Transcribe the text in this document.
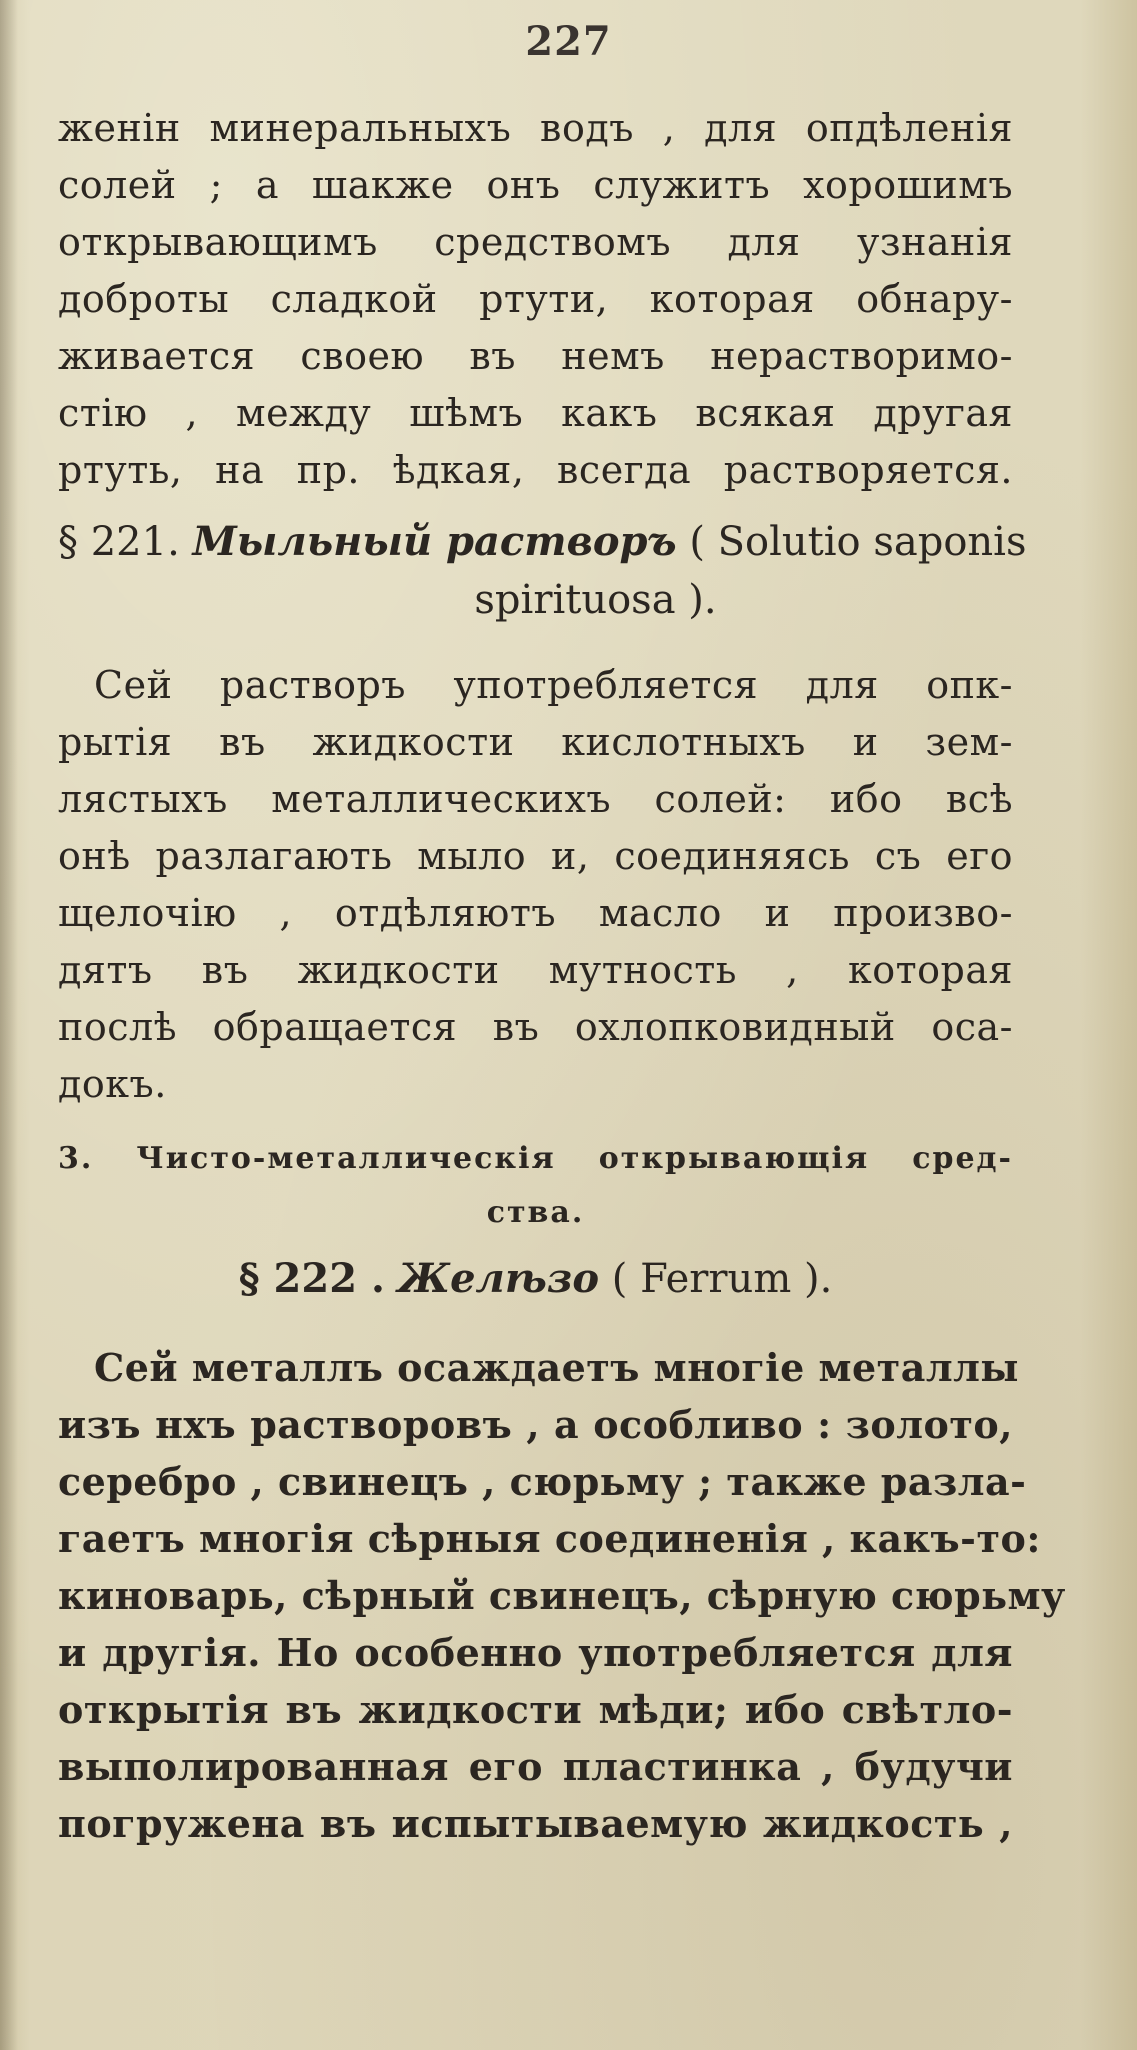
227
женін минеральныхъ водъ , для опдѣленія
солей ; а шакже онъ служитъ хорошимъ
открывающимъ средствомъ для узнанія
доброты сладкой ртути, которая обнару-
живается своею въ немъ нерастворимо-
стію , между шѣмъ какъ всякая другая
ртуть, на пр. ѣдкая, всегда растворяется.
§ 221. Мыльный растворъ ( Solutio saponis
spirituosa ).
Сей растворъ употребляется для опк-
рытія въ жидкости кислотныхъ и зем-
лястыхъ металлическихъ солей: ибо всѣ
онѣ разлагають мыло и, соединяясь съ его
щелочію , отдѣляютъ масло и произво-
дятъ въ жидкости мутность , которая
послѣ обращается въ охлопковидный оса-
докъ.
3. Чисто-металлическія открывающія сред-
ства.
§ 222 . Желѣзо ( Ferrum ).
Сей металлъ осаждаетъ многіе металлы
изъ нхъ растворовъ , а особливо : золото,
серебро , свинецъ , сюрьму ; также разла-
гаетъ многія сѣрныя соединенія , какъ-то:
киноварь, сѣрный свинецъ, сѣрную сюрьму
и другія. Но особенно употребляется для
открытія въ жидкости мѣди; ибо свѣтло-
выполированная его пластинка , будучи
погружена въ испытываемую жидкость ,
